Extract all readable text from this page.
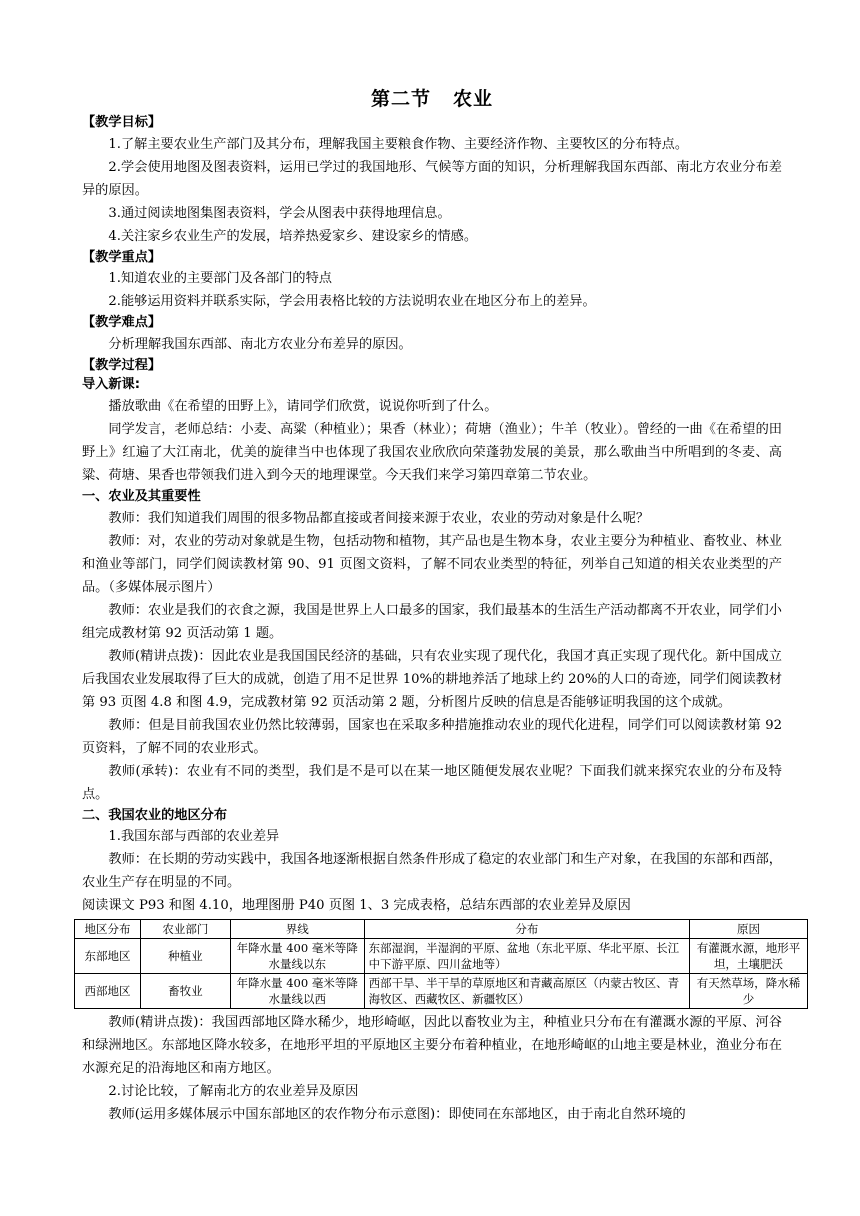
第二节 农业
【教学目标】
1.了解主要农业生产部门及其分布，理解我国主要粮食作物、主要经济作物、主要牧区的分布特点。
2.学会使用地图及图表资料，运用已学过的我国地形、气候等方面的知识，分析理解我国东西部、南北方农业分布差异的原因。
3.通过阅读地图集图表资料，学会从图表中获得地理信息。
4.关注家乡农业生产的发展，培养热爱家乡、建设家乡的情感。
【教学重点】
1.知道农业的主要部门及各部门的特点
2.能够运用资料并联系实际，学会用表格比较的方法说明农业在地区分布上的差异。
【教学难点】
分析理解我国东西部、南北方农业分布差异的原因。
【教学过程】
导入新课:
播放歌曲《在希望的田野上》，请同学们欣赏，说说你听到了什么。
同学发言，老师总结：小麦、高粱（种植业）；果香（林业）；荷塘（渔业）；牛羊（牧业）。曾经的一曲《在希望的田野上》红遍了大江南北，优美的旋律当中也体现了我国农业欣欣向荣蓬勃发展的美景，那么歌曲当中所唱到的冬麦、高粱、荷塘、果香也带领我们进入到今天的地理课堂。今天我们来学习第四章第二节农业。
一、农业及其重要性
教师：我们知道我们周围的很多物品都直接或者间接来源于农业，农业的劳动对象是什么呢？
教师：对，农业的劳动对象就是生物，包括动物和植物，其产品也是生物本身，农业主要分为种植业、畜牧业、林业和渔业等部门，同学们阅读教材第 90、91 页图文资料，了解不同农业类型的特征，列举自己知道的相关农业类型的产品。（多媒体展示图片）
教师：农业是我们的衣食之源，我国是世界上人口最多的国家，我们最基本的生活生产活动都离不开农业，同学们小组完成教材第 92 页活动第 1 题。
教师(精讲点拨)：因此农业是我国国民经济的基础，只有农业实现了现代化，我国才真正实现了现代化。新中国成立后我国农业发展取得了巨大的成就，创造了用不足世界 10%的耕地养活了地球上约 20%的人口的奇迹，同学们阅读教材第 93 页图 4.8 和图 4.9，完成教材第 92 页活动第 2 题，分析图片反映的信息是否能够证明我国的这个成就。
教师：但是目前我国农业仍然比较薄弱，国家也在采取多种措施推动农业的现代化进程，同学们可以阅读教材第 92 页资料，了解不同的农业形式。
教师(承转)：农业有不同的类型，我们是不是可以在某一地区随便发展农业呢？下面我们就来探究农业的分布及特点。
二、我国农业的地区分布
1.我国东部与西部的农业差异
教师：在长期的劳动实践中，我国各地逐渐根据自然条件形成了稳定的农业部门和生产对象，在我国的东部和西部，农业生产存在明显的不同。
阅读课文 P93 和图 4.10，地理图册 P40 页图 1、3 完成表格，总结东西部的农业差异及原因
地区分布	农业部门	界线	分布	原因
东部地区	种植业	年降水量 400 毫米等降水量线以东	东部湿润，半湿润的平原、盆地（东北平原、华北平原、长江中下游平原、四川盆地等）	有灌溉水源，地形平坦，土壤肥沃
西部地区	畜牧业	年降水量 400 毫米等降水量线以西	西部干旱、半干旱的草原地区和青藏高原区（内蒙古牧区、青海牧区、西藏牧区、新疆牧区）	有天然草场，降水稀少
教师(精讲点拨)：我国西部地区降水稀少，地形崎岖，因此以畜牧业为主，种植业只分布在有灌溉水源的平原、河谷和绿洲地区。东部地区降水较多，在地形平坦的平原地区主要分布着种植业，在地形崎岖的山地主要是林业，渔业分布在水源充足的沿海地区和南方地区。
2.讨论比较，了解南北方的农业差异及原因
教师(运用多媒体展示中国东部地区的农作物分布示意图)：即使同在东部地区，由于南北自然环境的
